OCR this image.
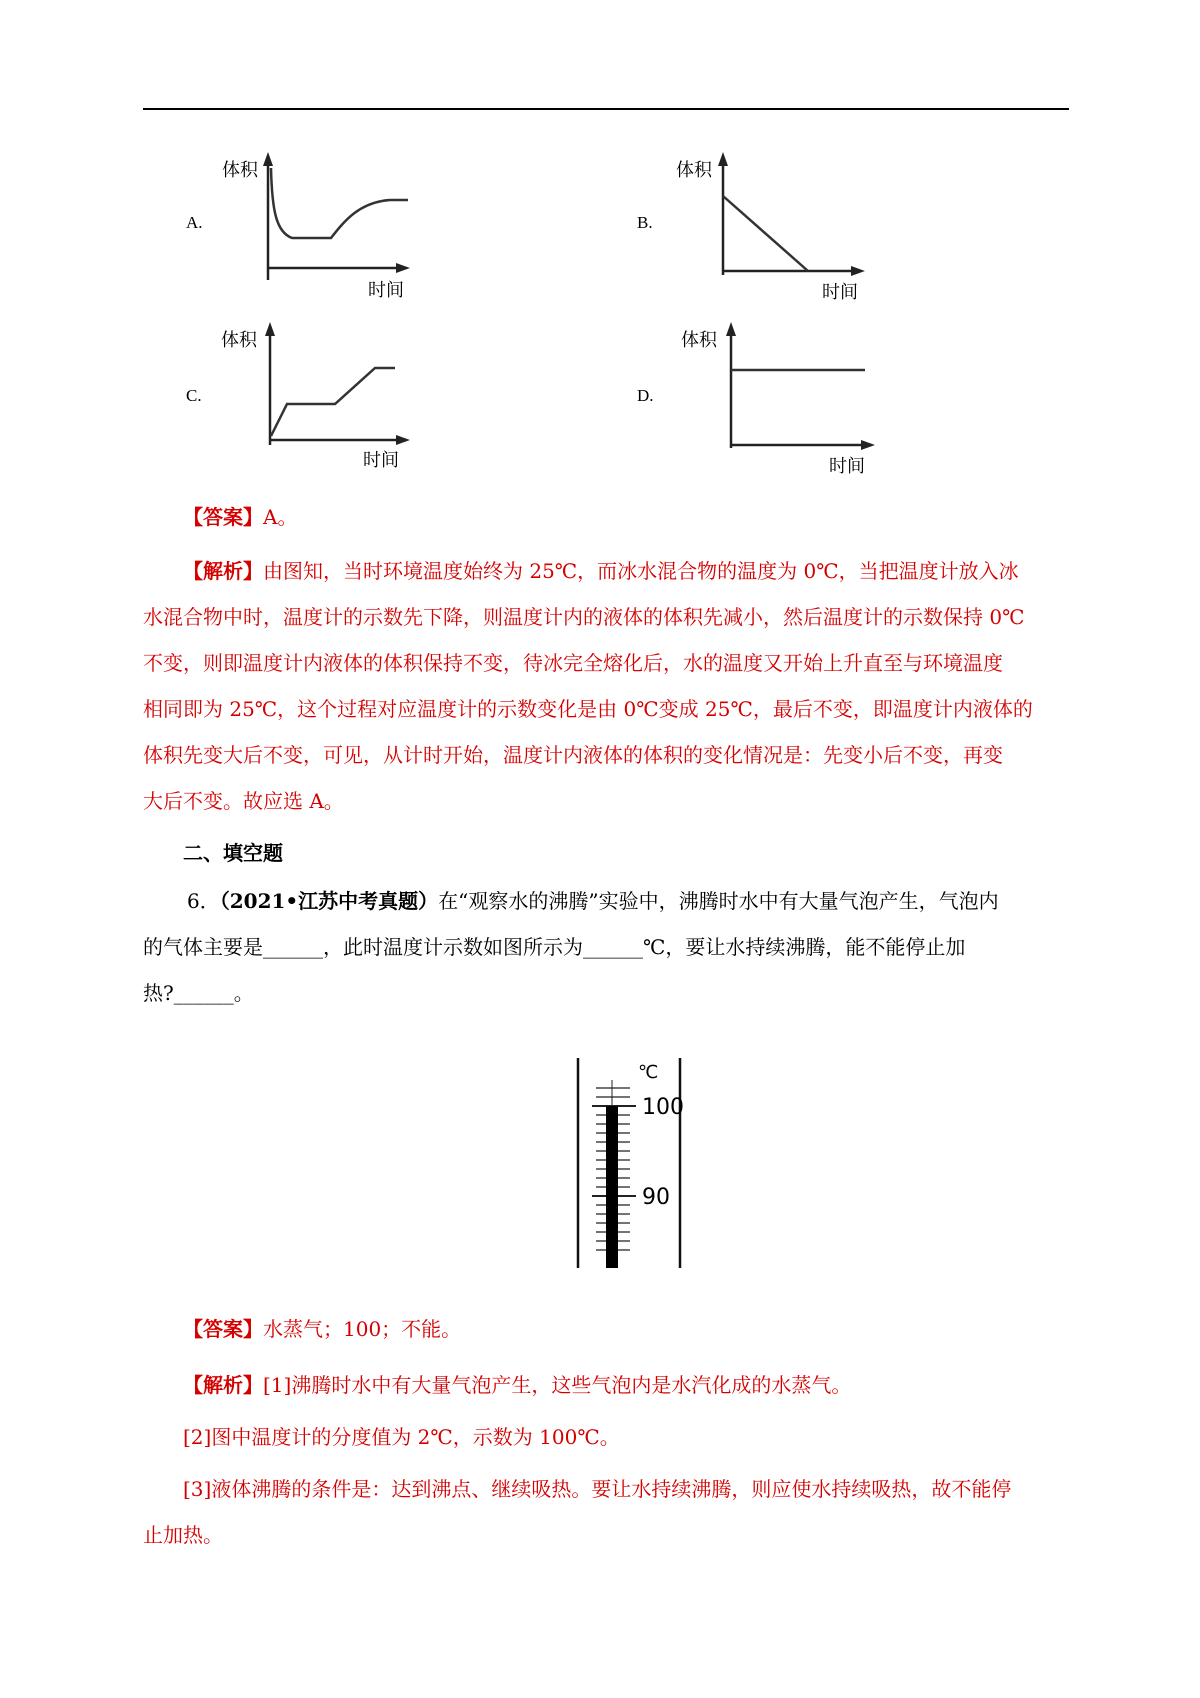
A.
体积
时间
B.
体积
时间
C.
体积
时间
D.
体积
时间

【答案】A。

【解析】由图知，当时环境温度始终为 25℃，而冰水混合物的温度为 0℃，当把温度计放入冰
水混合物中时，温度计的示数先下降，则温度计内的液体的体积先减小，然后温度计的示数保持 0℃
不变，则即温度计内液体的体积保持不变，待冰完全熔化后，水的温度又开始上升直至与环境温度
相同即为 25℃，这个过程对应温度计的示数变化是由 0℃变成 25℃，最后不变，即温度计内液体的
体积先变大后不变，可见，从计时开始，温度计内液体的体积的变化情况是：先变小后不变，再变
大后不变。故应选 A。

二、填空题

6．（2021•江苏中考真题）在“观察水的沸腾”实验中，沸腾时水中有大量气泡产生，气泡内
的气体主要是______，此时温度计示数如图所示为______℃，要让水持续沸腾，能不能停止加
热?______。

℃
100
90

【答案】水蒸气；100；不能。

【解析】[1]沸腾时水中有大量气泡产生，这些气泡内是水汽化成的水蒸气。

[2]图中温度计的分度值为 2℃，示数为 100℃。

[3]液体沸腾的条件是：达到沸点、继续吸热。要让水持续沸腾，则应使水持续吸热，故不能停
止加热。
